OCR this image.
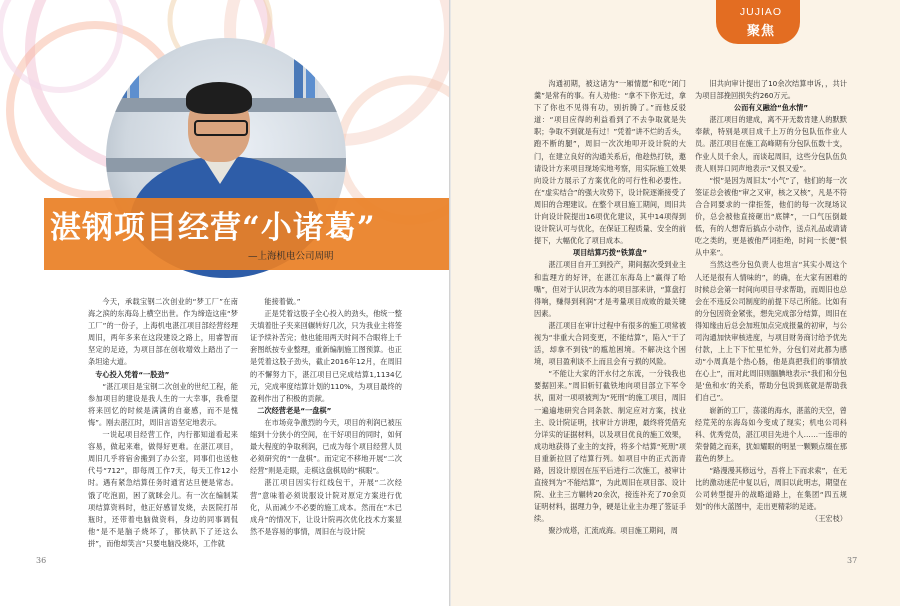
湛钢项目经营“小诸葛”
—上海机电公司周明

今天，承载宝钢二次创业的“梦工厂”在南海之滨的东海岛上横空出世。作为缔造这座“梦工厂”的一份子，上海机电湛江项目部经营经理周旧，两年多来在这段建设之路上，用睿智而坚定的足迹，为项目部在创收增效上踏出了一条坦途大道。

专心投入凭着“一股劲”

“湛江项目是宝钢二次创业的世纪工程，能参加项目的建设是我人生的一大幸事，我希望将来回忆的时候是满满的自豪感，而不是愧悔”。刚去湛江时，周旧言语坚定地表示。

一说起项目经营工作，内行都知道看起来容易，做起来难，做得好更难。在湛江项目，周旧几乎将宿舍搬到了办公室，同事们也送他代号“712”，即每周工作7天，每天工作12小时。遇有紧急结算任务时通宵达旦便是常态。饿了吃泡面，困了就眯会儿。有一次在编制某项结算资料时，他正好感冒发烧，去医院打吊瓶时，还带着电脑做资料，身边的同事调侃他“是不是脑子烧坏了，都快趴下了还这么拼”，而他却笑言“只要电脑没烧坏，工作就

能接着做。”

正是凭着这股子全心投入的劲头，他统一整天填着肚子夹来回辗转好几次，只为我业主将签证予续补苦完；他也能用两天时间不合眼将上千套图纸按专业整理，重新编制施工图预算。也正是凭着这股子劲头，截止2016年12月，在周旧的不懈努力下，湛江项目已完成结算1,1134亿元，完成率度结算计划的110%，为项目最终的盈利作出了积极的贡献。

二次经营老是“一盘棋”

在市场竞争激烈的今天，项目的利润已被压缩到十分狭小的空间，在干好项目的同时，如何最大程度的争取利润，已成为每个项目经营人员必须研究的“一盘棋”。而定定不移地开展“二次经营”则是走眼，走棋这盘棋局的“棋眼”。

湛江项目因实行红线包干，开展“二次经营”意味着必须说服设计院对原定方案进行优化，从而减少不必要的施工成本。然而在“木已成舟”的情况下，让设计院再次优化技术方案显然不是容易的事情，周旧在与设计院

36

沟通初期，被这诸为“一厢情愿”和吃“闭门羹”是常有的事。有人劝他：“拿不下你无过，拿下了你也不见得有功，别折腾了。”而他反驳道：“项目应得的利益看到了不去争取就是失职；争取不到就是有过！”凭着“讲不烂的舌头，跑不断的腿”，周旧一次次地叩开设计院的大门，在建立良好的沟通关系后，他趁热打铁，邀请设计方来项目现场实地考察，用实际施工效果向设计方展示了方案优化的可行性和必要性。在“虚实结合”的强大攻势下，设计院逐渐接受了周旧的合理建议。在整个项目施工期间，周旧共计向设计院提出16项优化建议，其中14项得到设计院认可与优化，在保证工程质量、安全的前提下，大幅优化了项目成本。

项目结算巧拨“铁算盘”

湛江项目自开工到投产，期间据次受到业主和监理方的好评，在湛江东海岛上“赢得了哈嘴”，但对于认识改为本的项目部来讲，“算盘打得响，赚得到利润”才是考量项目成败的最关键因素。

湛江项目在审计过程中有很多的施工项常被视为“非重大合同变更，不能结算”，陷入“干了活，却拿不到钱”的尴尬困境。不解决这个困境，项目盈利谈不上而且会有亏损的风险。

“不能让大家的汗水付之东流，一分钱我也要据回来。”周旧斩钉截铁地向项目部立下军令状，面对一项项被判为“死刑”的施工项目，周旧一遍遍地研究合同条款、制定应对方案，找业主、设计院证明，找审计方讲理，最终将凭借充分详实的证据材料，以及项目优良的施工效果，成功地获得了业主的支持，将多个结算“死刑”项目重新拉回了结算行列。如项目中的正式沥青路，因设计原因在压平后进行二次施工，被审计直接判为“不能结算”，为此周旧在项目部、设计院、业主三方辗转20余次，接连补充了70余页证明材料，据理力争，硬是让业主办理了签证手续。

聚沙成塔，汇流成海。项目施工期间，周

旧共向审计提出了10余次结算申诉，，共计为项目部挽回损失约260万元。

公而有义融洽“鱼水情”

湛江项目的建成，离不开无数肯建人的默默奉献，特别是项目成千上万的分包队伍作业人员。湛江项目在施工高峰期有分包队伍数十支，作业人员千余人，而谈起周旧，这些分包队伍负责人则异口同声地表示“又恨又爱”。

“恨”是因为周旧太“小气”了，他们的每一次签证总会被他“审之又审，核之又核”，凡是不符合合同要求的一律拒签，他们的每一次现场议价，总会被他直接砸出“底牌”，一口气压倒最低，有的人想背后搞点小动作，送点礼品或请请吃之类的，更是被他严词拒绝，时间一长便“恨从中来”。

当然这些分包负责人也坦言“其实小周这个人还是很有人情味的”，的确，在大家有困难的时候总会第一时间向项目寻求帮助，而周旧也总会在不违反公司制度的前提下尽己所能。比如有的分包因资金紧张，想先完成部分结算，周旧在得知缘由后总会加班加点完成报量的初审，与公司沟通加快审核进度，与项目财务商讨给予优先付款，上上下下忙里忙外，分包们对此都为感动“小周真是个热心肠，他是真把我们的事情放在心上”，而对此周旧则腼腆地表示“我们和分包是‘鱼和水’的关系，帮助分包说到底就是帮助我们自己”。

崭新的工厂，荡漾的海水，湛蓝的天空，曾经荒芜的东海岛如今变成了现实；机电公司科科、优秀党员，湛江项目先进个人……一连串的荣誉随之而来，犹如耀眼的明星一颗颗点缀在那蓝色的梦上。

“路漫漫其修远兮，吾将上下而求索”，在无比的激动迷茫中复以后，周旧以此明志，期望在公司转型提升的战略道路上，在集团“四五规划”的伟大蓝图中，走出更精彩的足迹。

（王宏枝）

37
JUJIAO
聚焦
